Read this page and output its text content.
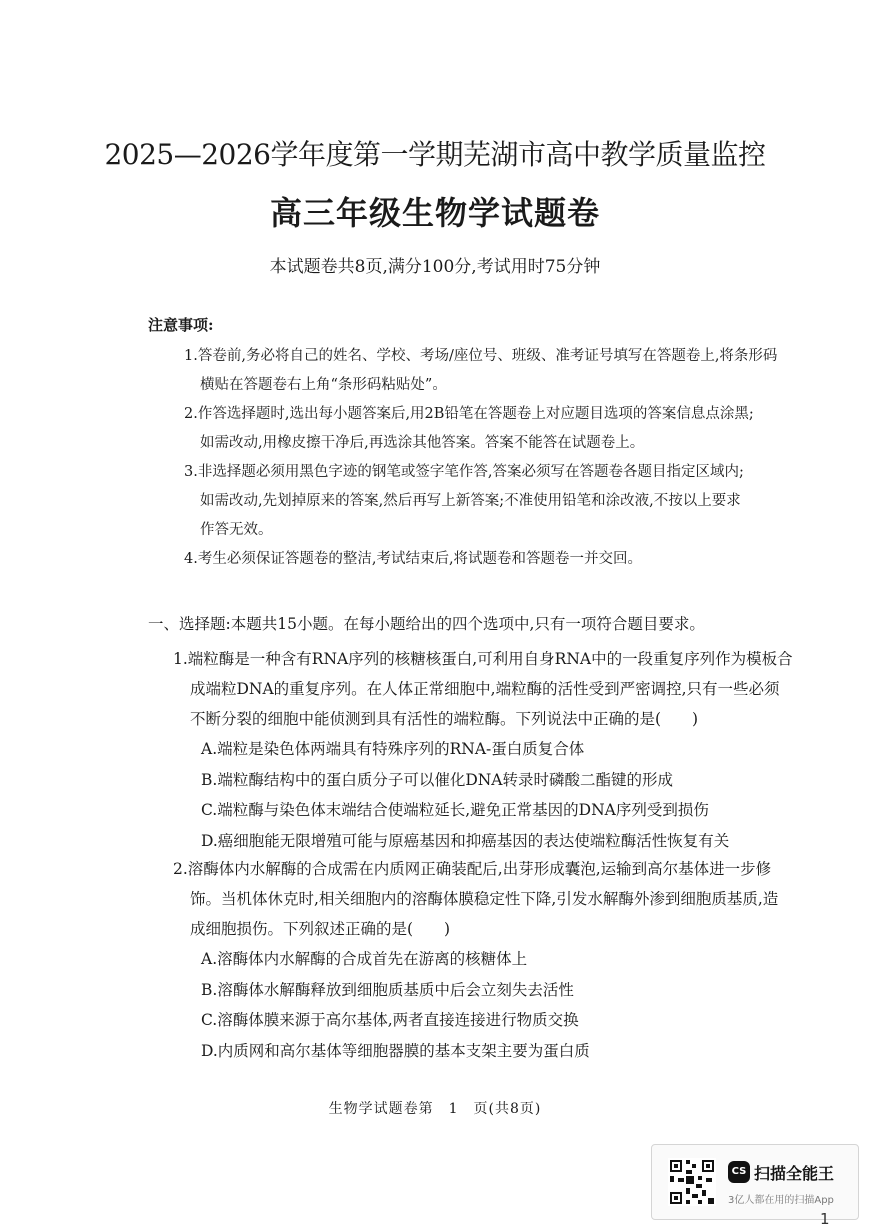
2025—2026学年度第一学期芜湖市高中教学质量监控
高三年级生物学试题卷
本试题卷共8页,满分100分,考试用时75分钟
注意事项:
1.答卷前,务必将自己的姓名、学校、考场/座位号、班级、准考证号填写在答题卷上,将条形码
横贴在答题卷右上角“条形码粘贴处”。
2.作答选择题时,选出每小题答案后,用2B铅笔在答题卷上对应题目选项的答案信息点涂黑;
如需改动,用橡皮擦干净后,再选涂其他答案。答案不能答在试题卷上。
3.非选择题必须用黑色字迹的钢笔或签字笔作答,答案必须写在答题卷各题目指定区域内;
如需改动,先划掉原来的答案,然后再写上新答案;不准使用铅笔和涂改液,不按以上要求
作答无效。
4.考生必须保证答题卷的整洁,考试结束后,将试题卷和答题卷一并交回。
一、选择题:本题共15小题。在每小题给出的四个选项中,只有一项符合题目要求。
1.端粒酶是一种含有RNA序列的核糖核蛋白,可利用自身RNA中的一段重复序列作为模板合
成端粒DNA的重复序列。在人体正常细胞中,端粒酶的活性受到严密调控,只有一些必须
不断分裂的细胞中能侦测到具有活性的端粒酶。下列说法中正确的是(　　)
A.端粒是染色体两端具有特殊序列的RNA-蛋白质复合体
B.端粒酶结构中的蛋白质分子可以催化DNA转录时磷酸二酯键的形成
C.端粒酶与染色体末端结合使端粒延长,避免正常基因的DNA序列受到损伤
D.癌细胞能无限增殖可能与原癌基因和抑癌基因的表达使端粒酶活性恢复有关
2.溶酶体内水解酶的合成需在内质网正确装配后,出芽形成囊泡,运输到高尔基体进一步修
饰。当机体休克时,相关细胞内的溶酶体膜稳定性下降,引发水解酶外渗到细胞质基质,造
成细胞损伤。下列叙述正确的是(　　)
A.溶酶体内水解酶的合成首先在游离的核糖体上
B.溶酶体水解酶释放到细胞质基质中后会立刻失去活性
C.溶酶体膜来源于高尔基体,两者直接连接进行物质交换
D.内质网和高尔基体等细胞器膜的基本支架主要为蛋白质
生物学试题卷第　1　页(共8页)
CS 扫描全能王
3亿人都在用的扫描App
1
